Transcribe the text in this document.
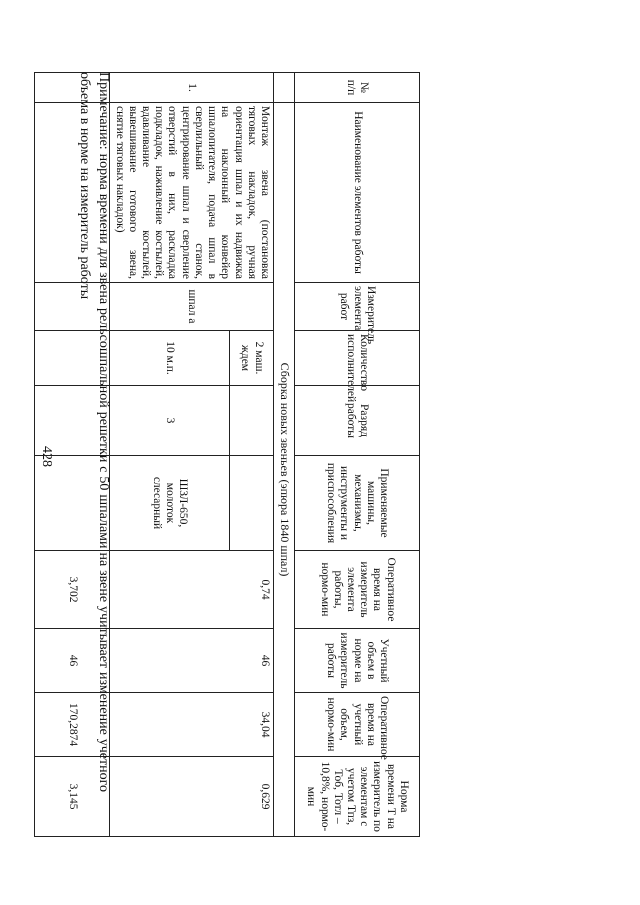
428
№ п/п	Наименование элементов работы	Измеритель элемента работ	Количество исполнителей	Разряд работы	Применяемые машины, механизмы, инструменты и приспособления	Оперативное время на измеритель элемента работы, нормо-мин	Учетный объем в норме на измеритель работы	Оперативное время на учетный объем, нормо-мин	Норма времени Т на измеритель по элементам с учетом Тпз, Тоб, Тотл – 10,8%, нормо-мин
	Сборка новых звеньев (эпюра 1840 шпал)								
1.	Монтаж звена (постановка тяговых накладок, ручная ориентация шпал и их надвижка на наклонный конвейер шпалопитателя, подача шпал в сверлильный станок, центрирование шпал и сверление отверстий в них, раскладка подкладок, наживление костылей, вдавливание костылей, вывешивание готового звена, снятие тяговых накладок)	шпал а	2 маш. ждем			0,74	46	34,04	0,629
			10 м.п.	3	ШЗЛ-650, молоток слесарный				
						3,702	46	170,2874	3,145
Примечание: норма времени для звена рельсошпальной решетки с 50 шпалами на звене учитывает изменение учетного объема в норме на измеритель работы
